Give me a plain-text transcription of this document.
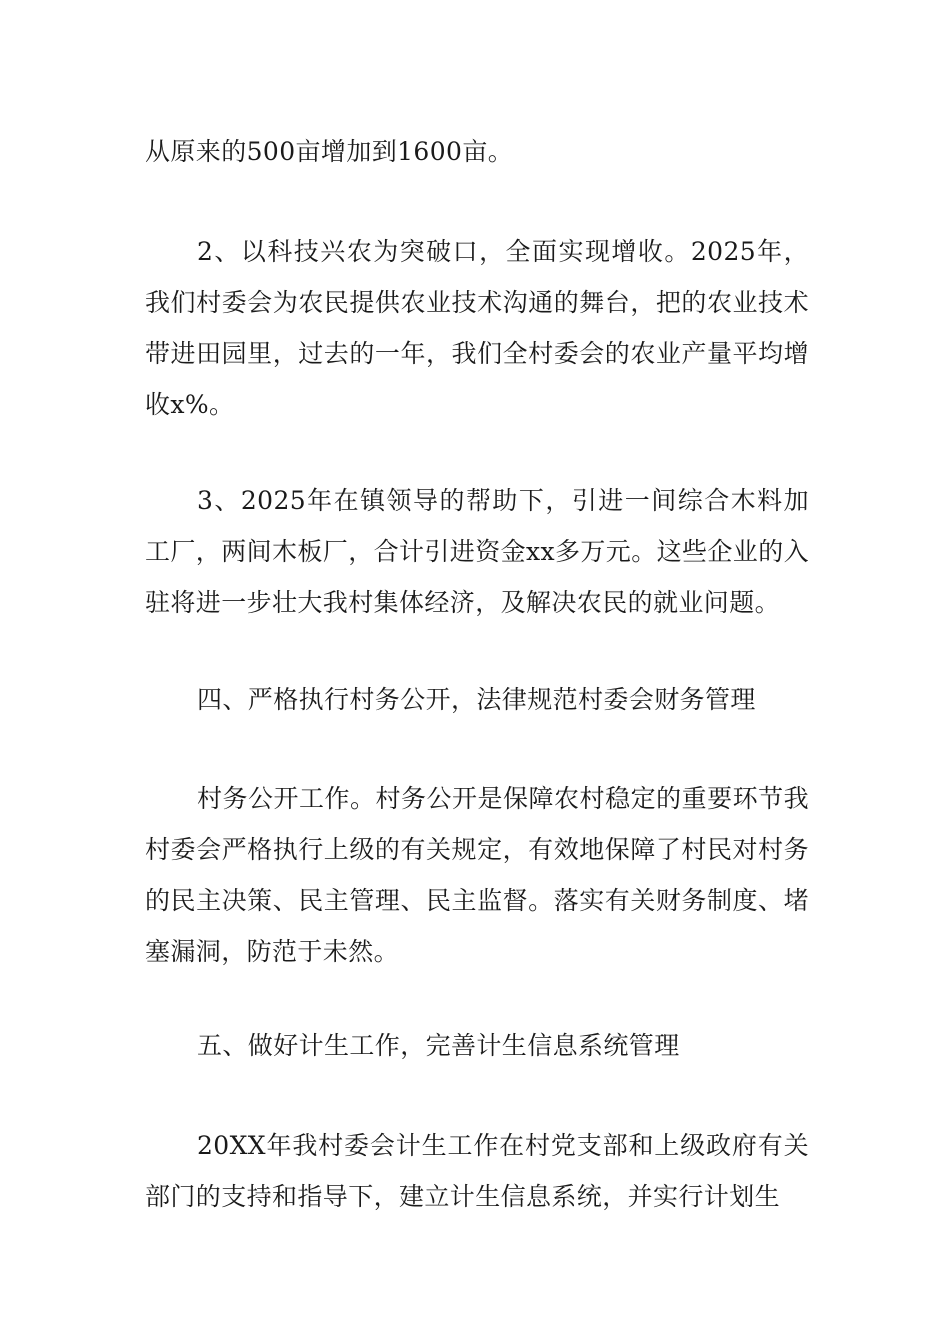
从原来的500亩增加到1600亩。

2、以科技兴农为突破口，全面实现增收。2025年，我们村委会为农民提供农业技术沟通的舞台，把的农业技术带进田园里，过去的一年，我们全村委会的农业产量平均增收x%。

3、2025年在镇领导的帮助下，引进一间综合木料加工厂，两间木板厂，合计引进资金xx多万元。这些企业的入驻将进一步壮大我村集体经济，及解决农民的就业问题。

四、严格执行村务公开，法律规范村委会财务管理

村务公开工作。村务公开是保障农村稳定的重要环节我村委会严格执行上级的有关规定，有效地保障了村民对村务的民主决策、民主管理、民主监督。落实有关财务制度、堵塞漏洞，防范于未然。

五、做好计生工作，完善计生信息系统管理

20XX年我村委会计生工作在村党支部和上级政府有关部门的支持和指导下，建立计生信息系统，并实行计划生
